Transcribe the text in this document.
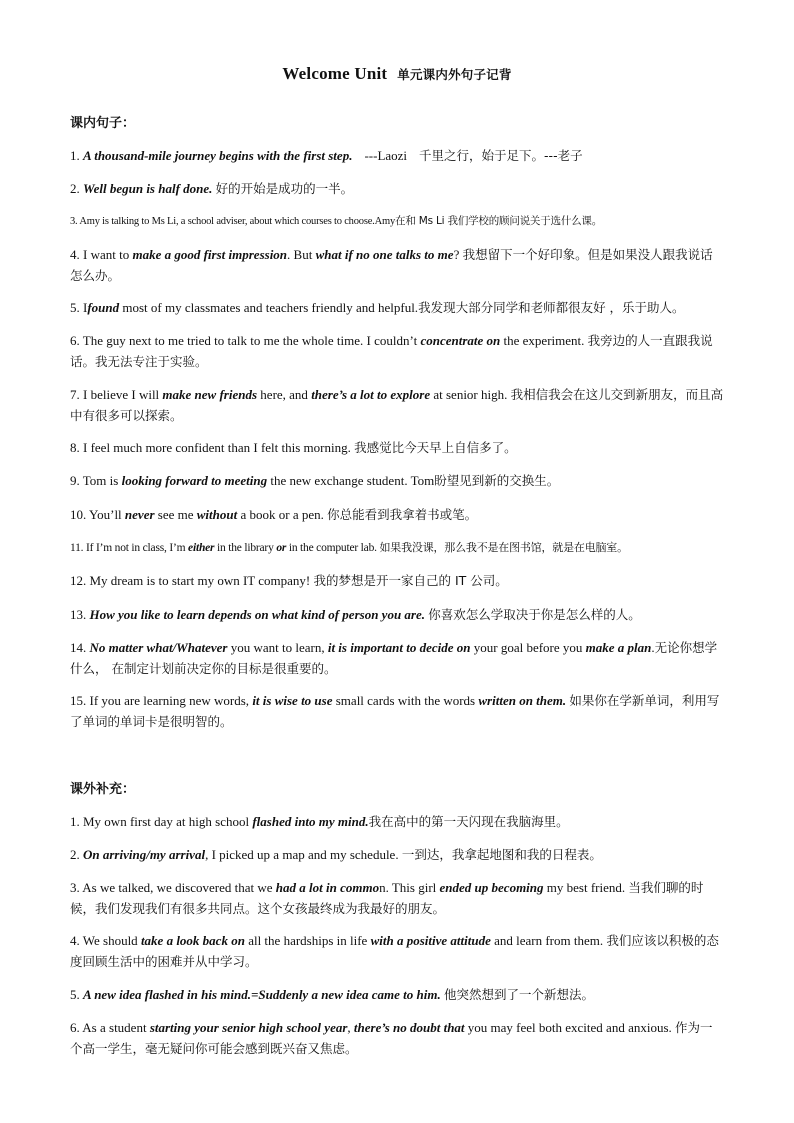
Welcome Unit 单元课内外句子记背
课内句子：
1. A thousand-mile journey begins with the first step. ---Laozi 千里之行，始于足下。---老子
2. Well begun is half done. 好的开始是成功的一半。
3. Amy is talking to Ms Li, a school adviser, about which courses to choose.Amy在和 Ms Li 我们学校的顾问说关于选什么课。
4. I want to make a good first impression. But what if no one talks to me? 我想留下一个好印象。但是如果没人跟我说话怎么办。
5. Ifound most of my classmates and teachers friendly and helpful.我发现大部分同学和老师都很友好 ，乐于助人。
6. The guy next to me tried to talk to me the whole time. I couldn’t concentrate on the experiment. 我旁边的人一直跟我说话。我无法专注于实验。
7. I believe I will make new friends here, and there’s a lot to explore at senior high. 我相信我会在这儿交到新朋友，而且高中有很多可以探索。
8. I feel much more confident than I felt this morning. 我感觉比今天早上自信多了。
9. Tom is looking forward to meeting the new exchange student. Tom盼望见到新的交换生。
10. You’ll never see me without a book or a pen. 你总能看到我拿着书或笔。
11. If I’m not in class, I’m either in the library or in the computer lab. 如果我没课，那么我不是在图书馆，就是在电脑室。
12. My dream is to start my own IT company! 我的梦想是开一家自己的 IT 公司。
13. How you like to learn depends on what kind of person you are. 你喜欢怎么学取决于你是怎么样的人。
14. No matter what/Whatever you want to learn, it is important to decide on your goal before you make a plan.无论你想学什么， 在制定计划前决定你的目标是很重要的。
15. If you are learning new words, it is wise to use small cards with the words written on them. 如果你在学新单词，利用写了单词的单词卡是很明智的。
课外补充：
1. My own first day at high school flashed into my mind.我在高中的第一天闪现在我脑海里。
2. On arriving/my arrival, I picked up a map and my schedule. 一到达，我拿起地图和我的日程表。
3. As we talked, we discovered that we had a lot in common. This girl ended up becoming my best friend. 当我们聊的时候，我们发现我们有很多共同点。这个女孩最终成为我最好的朋友。
4. We should take a look back on all the hardships in life with a positive attitude and learn from them. 我们应该以积极的态度回顾生活中的困难并从中学习。
5. A new idea flashed in his mind.=Suddenly a new idea came to him. 他突然想到了一个新想法。
6. As a student starting your senior high school year, there’s no doubt that you may feel both excited and anxious. 作为一个高一学生，毫无疑问你可能会感到既兴奋又焦虑。
